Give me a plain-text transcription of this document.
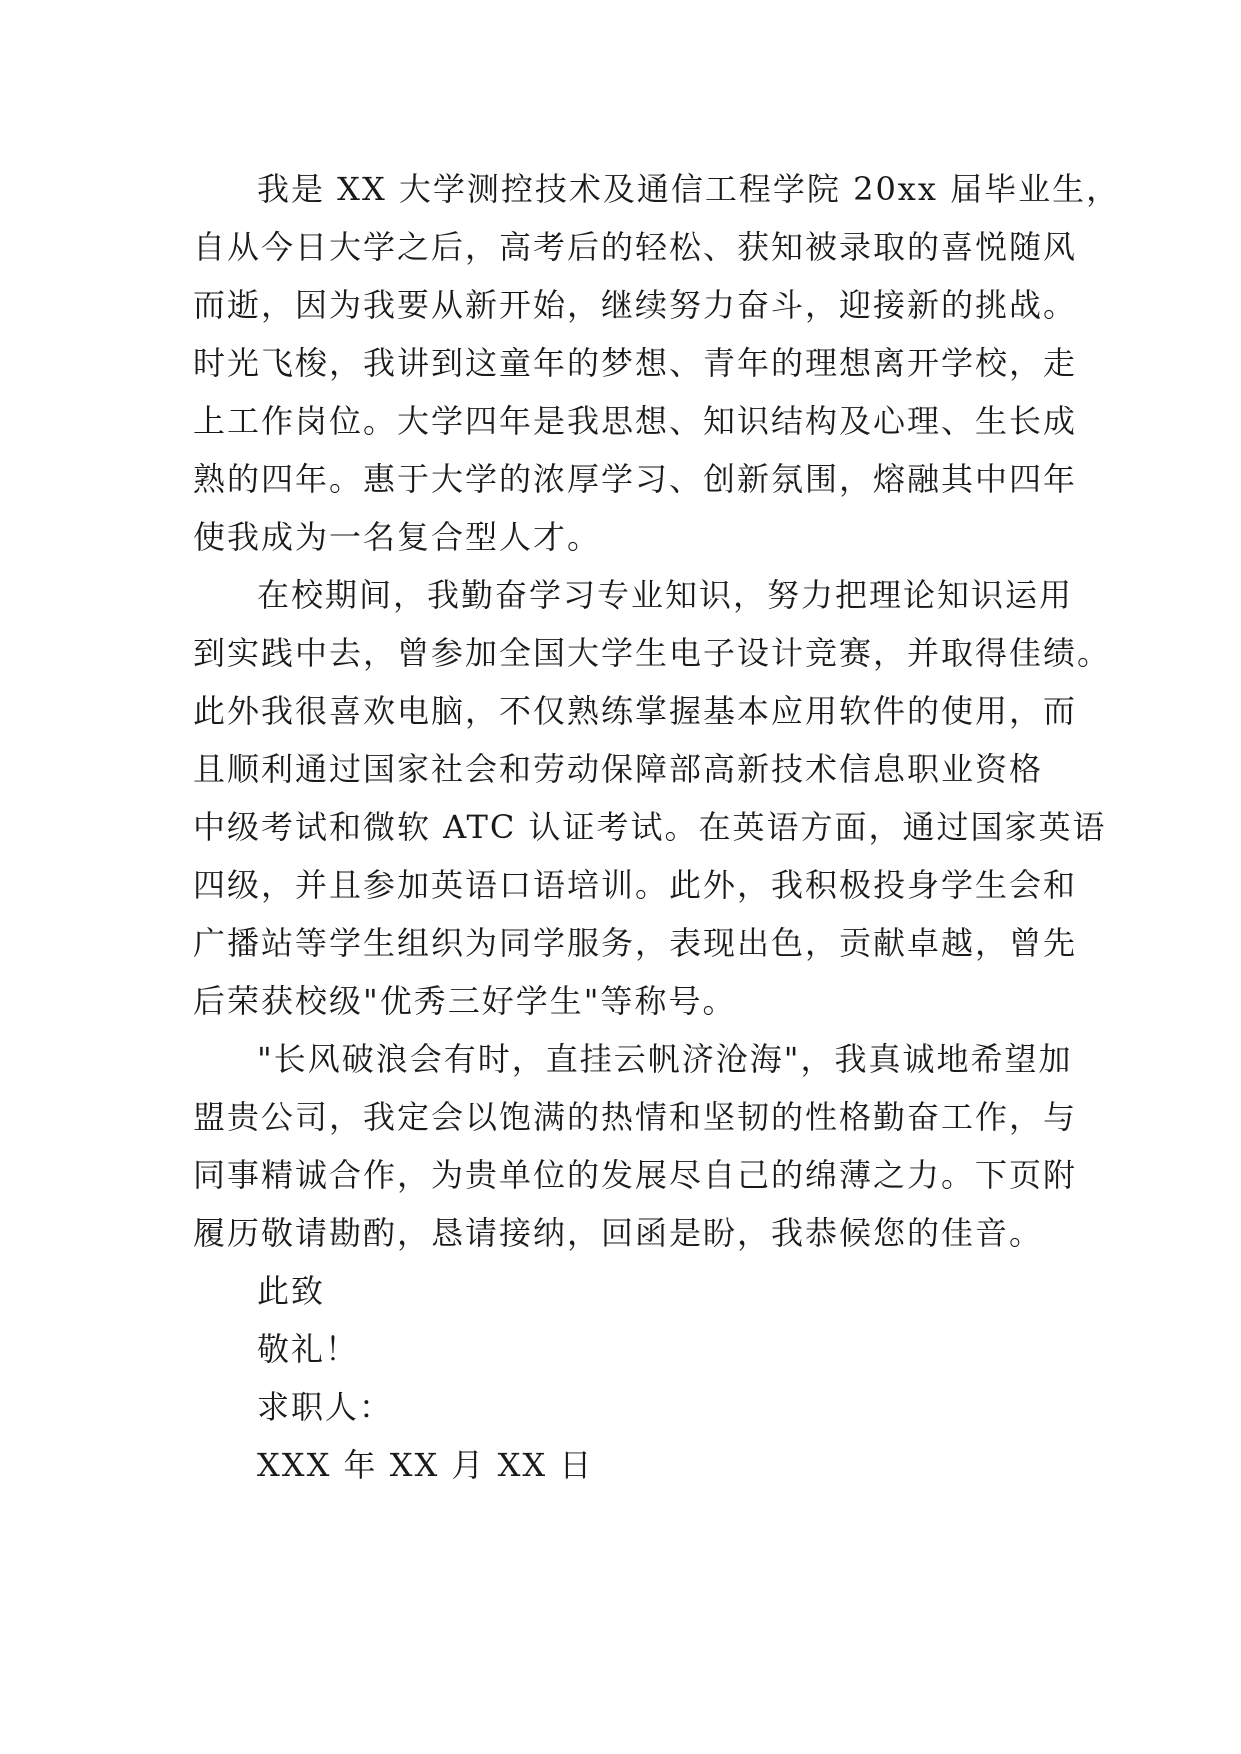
我是 XX 大学测控技术及通信工程学院 20xx 届毕业生，
自从今日大学之后，高考后的轻松、获知被录取的喜悦随风
而逝，因为我要从新开始，继续努力奋斗，迎接新的挑战。
时光飞梭，我讲到这童年的梦想、青年的理想离开学校，走
上工作岗位。大学四年是我思想、知识结构及心理、生长成
熟的四年。惠于大学的浓厚学习、创新氛围，熔融其中四年
使我成为一名复合型人才。
在校期间，我勤奋学习专业知识，努力把理论知识运用
到实践中去，曾参加全国大学生电子设计竞赛，并取得佳绩。
此外我很喜欢电脑，不仅熟练掌握基本应用软件的使用，而
且顺利通过国家社会和劳动保障部高新技术信息职业资格
中级考试和微软 ATC 认证考试。在英语方面，通过国家英语
四级，并且参加英语口语培训。此外，我积极投身学生会和
广播站等学生组织为同学服务，表现出色，贡献卓越，曾先
后荣获校级"优秀三好学生"等称号。
"长风破浪会有时，直挂云帆济沧海"，我真诚地希望加
盟贵公司，我定会以饱满的热情和坚韧的性格勤奋工作，与
同事精诚合作，为贵单位的发展尽自己的绵薄之力。下页附
履历敬请勘酌，恳请接纳，回函是盼，我恭候您的佳音。
此致
敬礼！
求职人：
XXX 年 XX 月 XX 日
